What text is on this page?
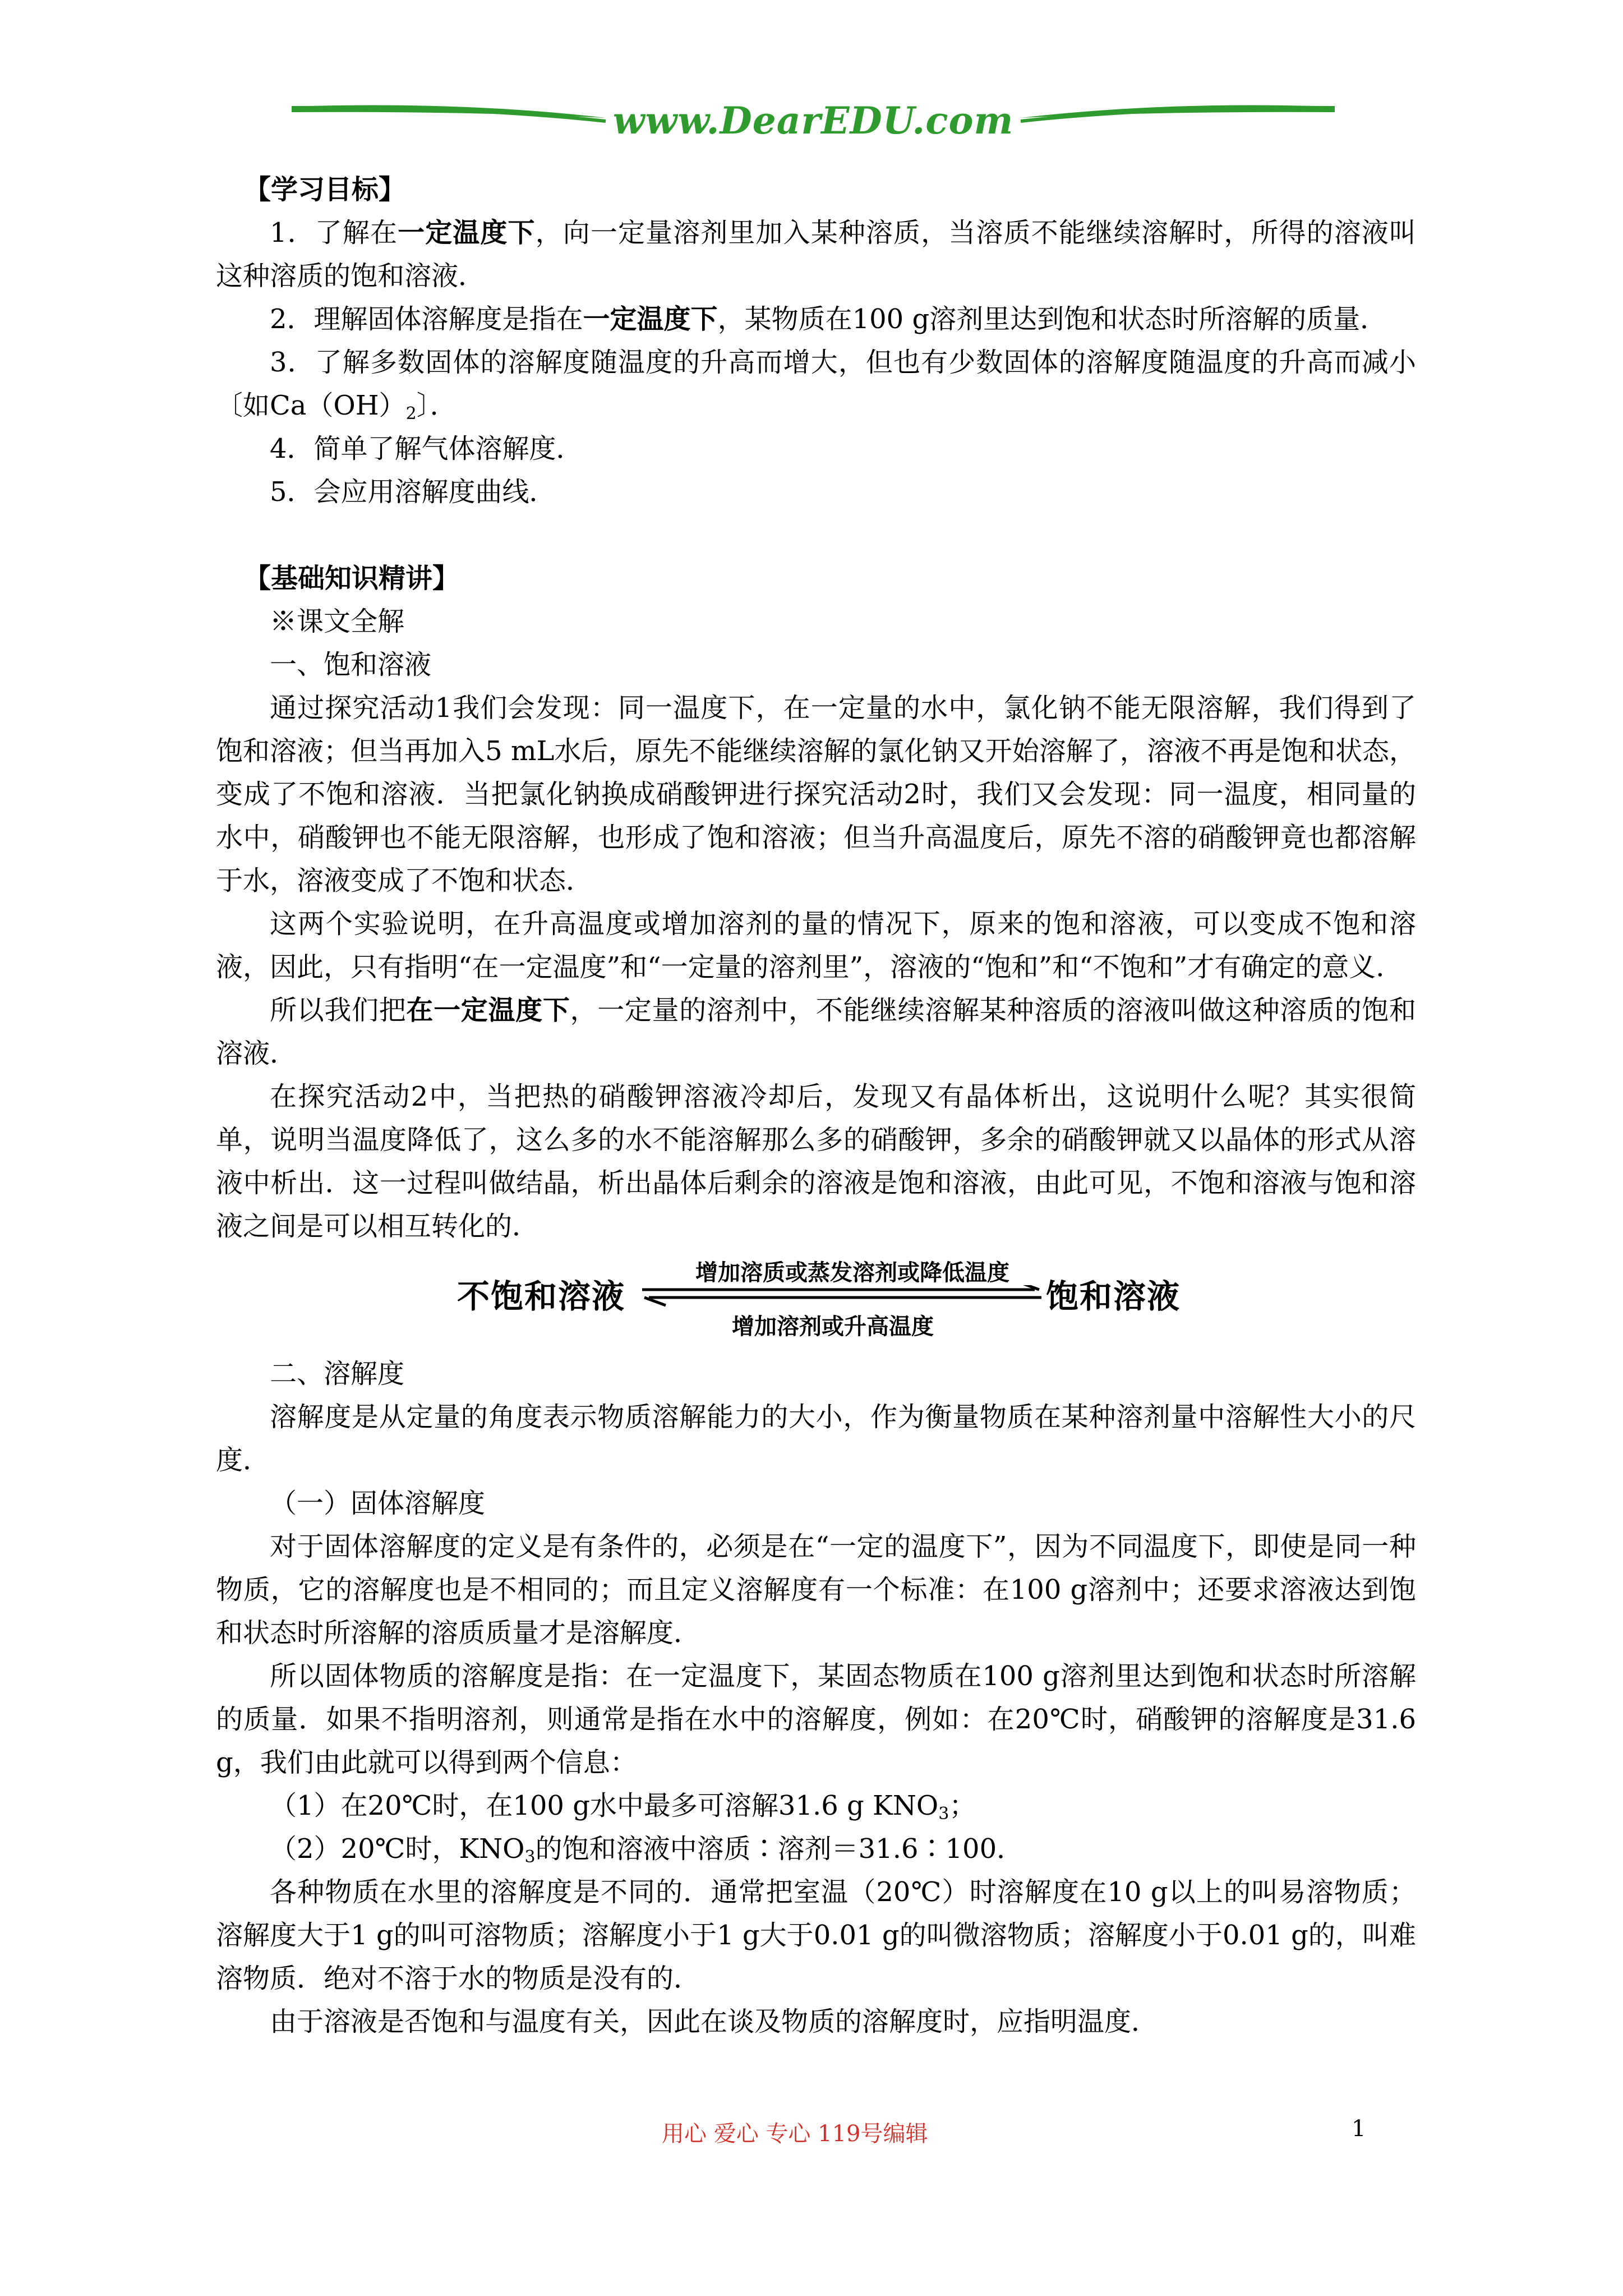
www.DearEDU.com

【学习目标】

1．了解在一定温度下，向一定量溶剂里加入某种溶质，当溶质不能继续溶解时，所得的溶液叫这种溶质的饱和溶液．

2．理解固体溶解度是指在一定温度下，某物质在100 g溶剂里达到饱和状态时所溶解的质量．

3．了解多数固体的溶解度随温度的升高而增大，但也有少数固体的溶解度随温度的升高而减小〔如$Ca(OH)_2$〕．

4．简单了解气体溶解度．

5．会应用溶解度曲线．

【基础知识精讲】

※课文全解

一、饱和溶液

通过探究活动1我们会发现：同一温度下，在一定量的水中，氯化钠不能无限溶解，我们得到了饱和溶液；但当再加入5 mL水后，原先不能继续溶解的氯化钠又开始溶解了，溶液不再是饱和状态，变成了不饱和溶液．当把氯化钠换成硝酸钾进行探究活动2时，我们又会发现：同一温度，相同量的水中，硝酸钾也不能无限溶解，也形成了饱和溶液；但当升高温度后，原先不溶的硝酸钾竟也都溶解于水，溶液变成了不饱和状态．

这两个实验说明，在升高温度或增加溶剂的量的情况下，原来的饱和溶液，可以变成不饱和溶液，因此，只有指明“在一定温度”和“一定量的溶剂里”，溶液的“饱和”和“不饱和”才有确定的意义．

所以我们把在一定温度下，一定量的溶剂中，不能继续溶解某种溶质的溶液叫做这种溶质的饱和溶液．

在探究活动2中，当把热的硝酸钾溶液冷却后，发现又有晶体析出，这说明什么呢？其实很简单，说明当温度降低了，这么多的水不能溶解那么多的硝酸钾，多余的硝酸钾就又以晶体的形式从溶液中析出．这一过程叫做结晶，析出晶体后剩余的溶液是饱和溶液，由此可见，不饱和溶液与饱和溶液之间是可以相互转化的．

不饱和溶液
增加溶质或蒸发溶剂或降低温度
增加溶剂或升高温度
饱和溶液

二、溶解度

溶解度是从定量的角度表示物质溶解能力的大小，作为衡量物质在某种溶剂量中溶解性大小的尺度．

（一）固体溶解度

对于固体溶解度的定义是有条件的，必须是在“一定的温度下”，因为不同温度下，即使是同一种物质，它的溶解度也是不相同的；而且定义溶解度有一个标准：在100 g溶剂中；还要求溶液达到饱和状态时所溶解的溶质质量才是溶解度．

所以固体物质的溶解度是指：在一定温度下，某固态物质在100 g溶剂里达到饱和状态时所溶解的质量．如果不指明溶剂，则通常是指在水中的溶解度，例如：在20℃时，硝酸钾的溶解度是31.6 g，我们由此就可以得到两个信息：

（1）在20℃时，在100 g水中最多可溶解31.6 g $KNO_3$；

（2）20℃时，$KNO_3$的饱和溶液中溶质∶溶剂＝31.6∶100．

各种物质在水里的溶解度是不同的．通常把室温（20℃）时溶解度在10 g以上的叫易溶物质；溶解度大于1 g的叫可溶物质；溶解度小于1 g大于0.01 g的叫微溶物质；溶解度小于0.01 g的，叫难溶物质．绝对不溶于水的物质是没有的．

由于溶液是否饱和与温度有关，因此在谈及物质的溶解度时，应指明温度．

用心 爱心 专心 119号编辑	1
